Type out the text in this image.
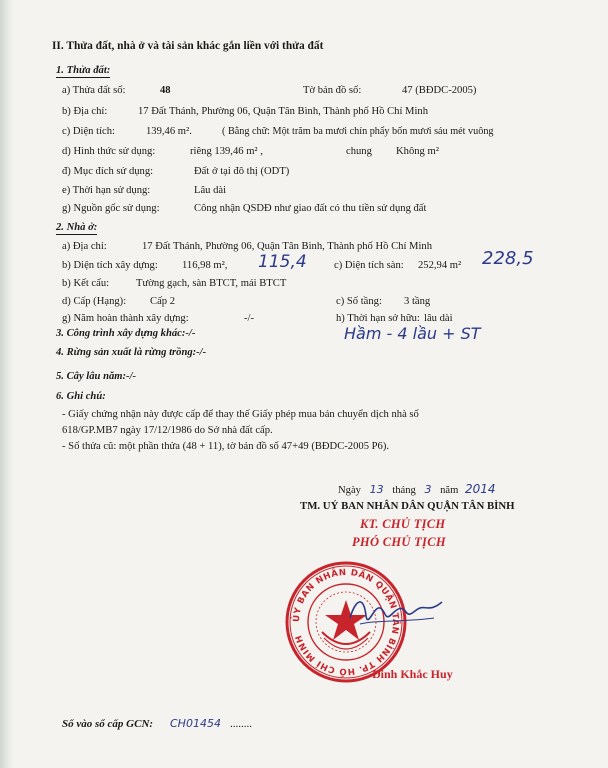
II. Thửa đất, nhà ở và tài sản khác gắn liền với thửa đất
1. Thửa đất:
a) Thửa đất số:	48	Tờ bản đồ số:	47 (BĐDC-2005)
b) Địa chỉ:	17 Đất Thánh, Phường 06, Quận Tân Bình, Thành phố Hồ Chí Minh
c) Diện tích:	139,46 m².	( Bằng chữ: Một trăm ba mươi chín phẩy bốn mươi sáu mét vuông
d) Hình thức sử dụng:	riêng 139,46 m² ,	chung Không m²
đ) Mục đích sử dụng:	Đất ở tại đô thị (ODT)
e) Thời hạn sử dụng:	Lâu dài
g) Nguồn gốc sử dụng:	Công nhận QSDĐ như giao đất có thu tiền sử dụng đất
2. Nhà ở:
a) Địa chỉ:	17 Đất Thánh, Phường 06, Quận Tân Bình, Thành phố Hồ Chí Minh
b) Diện tích xây dựng: 116,98 m², 115,4	c) Diện tích sàn: 252,94 m² 228,5
b) Kết cấu:	Tường gạch, sàn BTCT, mái BTCT
d) Cấp (Hạng): Cấp 2	c) Số tầng: 3 tầng
g) Năm hoàn thành xây dựng:	-/-	h) Thời hạn sở hữu: lâu dài
3. Công trình xây dựng khác:-/-	Hầm - 4 lầu + ST
4. Rừng sản xuất là rừng trồng:-/-
5. Cây lâu năm:-/-
6. Ghi chú:
- Giấy chứng nhận này được cấp để thay thế Giấy phép mua bán chuyển dịch nhà số
618/GP.MB7 ngày 17/12/1986 do Sở nhà đất cấp.
- Số thửa cũ: một phần thửa (48 + 11), tờ bản đồ số 47+49 (BĐDC-2005 P6).
Ngày 13 tháng 3 năm 2014
TM. UỶ BAN NHÂN DÂN QUẬN TÂN BÌNH
KT. CHỦ TỊCH
PHÓ CHỦ TỊCH
ỦY BAN NHÂN DÂN QUẬN TÂN BÌNH TP. HỒ CHÍ MINH
Đinh Khắc Huy
Số vào sổ cấp GCN: CH01454 ........
